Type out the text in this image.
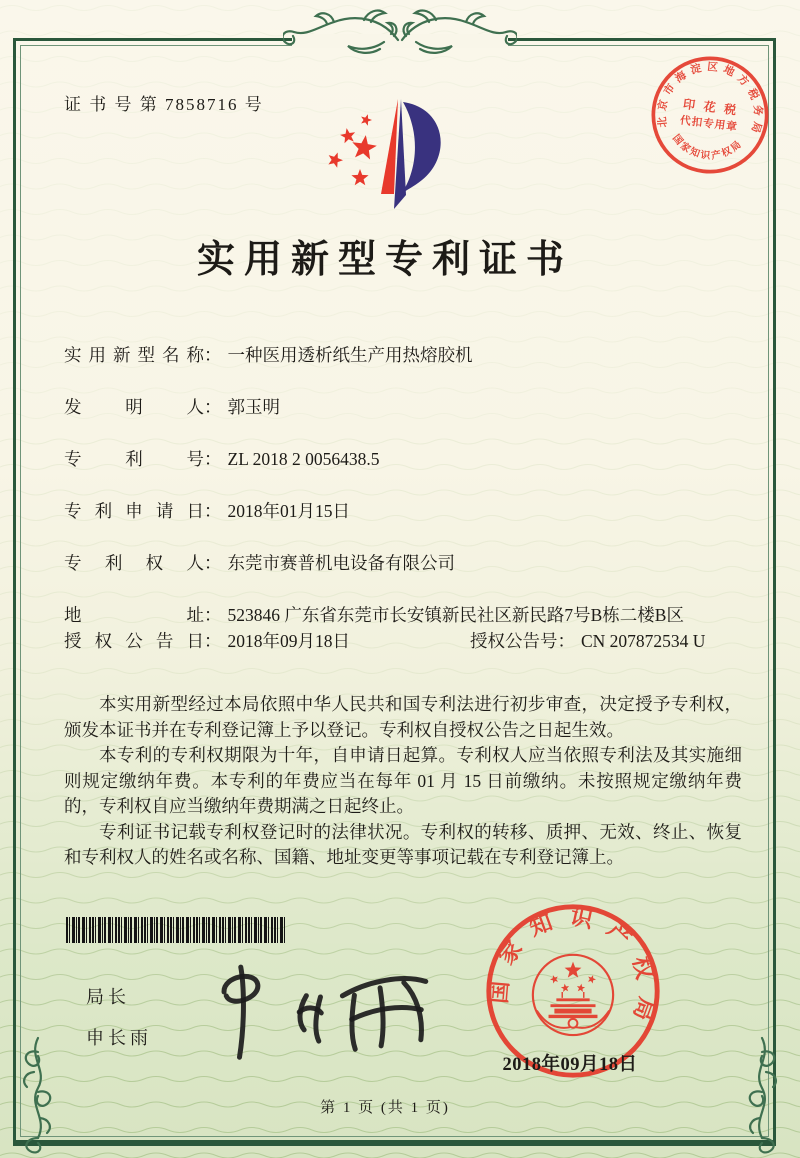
北京市海淀区地方税务局
国家知识产权局
印 花 税
代扣专用章
证 书 号 第 7858716 号
实用新型专利证书
实用新型名称 ： 一种医用透析纸生产用热熔胶机
发明人 ： 郭玉明
专利号 ： ZL 2018 2 0056438.5
专利申请日 ： 2018年01月15日
专利权人 ： 东莞市赛普机电设备有限公司
地址 ： 523846 广东省东莞市长安镇新民社区新民路7号B栋二楼B区
授权公告日 ： 2018年09月18日	授权公告号 ： CN 207872534 U

本实用新型经过本局依照中华人民共和国专利法进行初步审查，决定授予专利权，颁发本证书并在专利登记簿上予以登记。专利权自授权公告之日起生效。

本专利的专利权期限为十年，自申请日起算。专利权人应当依照专利法及其实施细则规定缴纳年费。本专利的年费应当在每年 01 月 15 日前缴纳。未按照规定缴纳年费的，专利权自应当缴纳年费期满之日起终止。

专利证书记载专利权登记时的法律状况。专利权的转移、质押、无效、终止、恢复和专利权人的姓名或名称、国籍、地址变更等事项记载在专利登记簿上。

局长
申长雨
国家知识产权局
2018年09月18日
第 1 页 (共 1 页)
